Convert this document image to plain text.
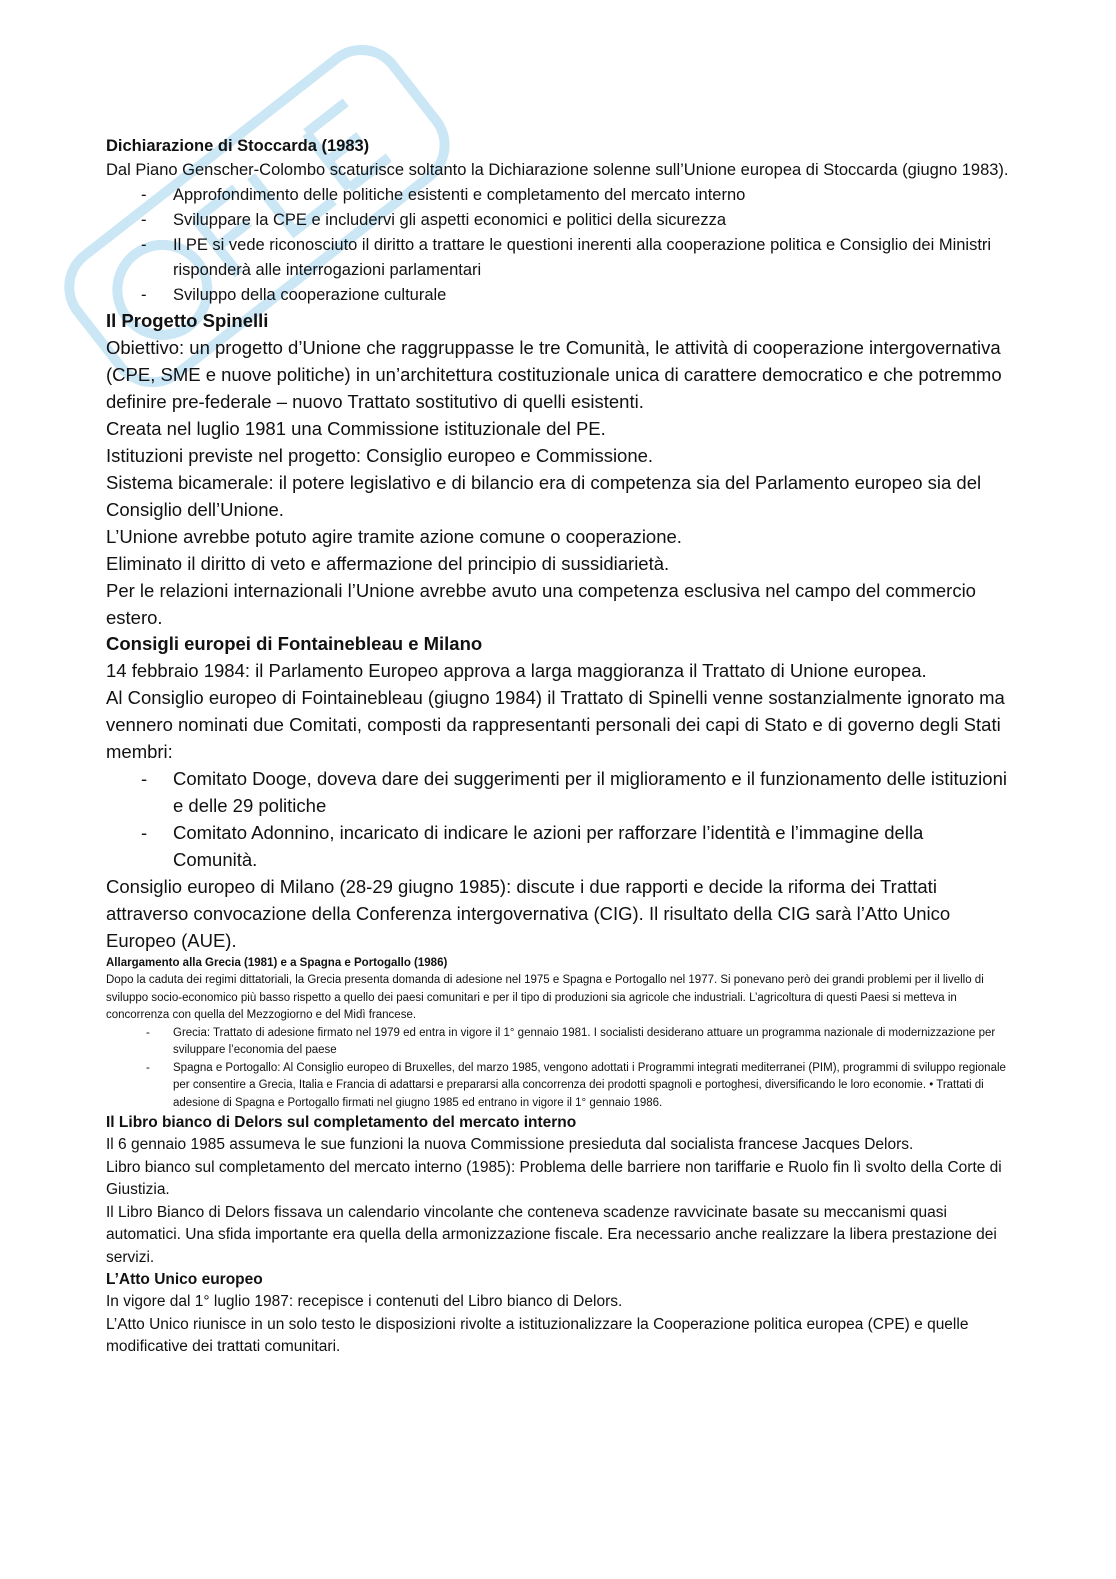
Dichiarazione di Stoccarda (1983)

Dal Piano Genscher-Colombo scaturisce soltanto la Dichiarazione solenne sull’Unione europea di Stoccarda (giugno 1983).

- Approfondimento delle politiche esistenti e completamento del mercato interno
- Sviluppare la CPE e includervi gli aspetti economici e politici della sicurezza
- Il PE si vede riconosciuto il diritto a trattare le questioni inerenti alla cooperazione politica e Consiglio dei Ministri risponderà alle interrogazioni parlamentari
- Sviluppo della cooperazione culturale

Il Progetto Spinelli

Obiettivo: un progetto d’Unione che raggruppasse le tre Comunità, le attività di cooperazione intergovernativa (CPE, SME e nuove politiche) in un’architettura costituzionale unica di carattere democratico e che potremmo definire pre-federale – nuovo Trattato sostitutivo di quelli esistenti.

Creata nel luglio 1981 una Commissione istituzionale del PE.

Istituzioni previste nel progetto: Consiglio europeo e Commissione.

Sistema bicamerale: il potere legislativo e di bilancio era di competenza sia del Parlamento europeo sia del Consiglio dell’Unione.

L’Unione avrebbe potuto agire tramite azione comune o cooperazione.

Eliminato il diritto di veto e affermazione del principio di sussidiarietà.

Per le relazioni internazionali l’Unione avrebbe avuto una competenza esclusiva nel campo del commercio estero.

Consigli europei di Fontainebleau e Milano

14 febbraio 1984: il Parlamento Europeo approva a larga maggioranza il Trattato di Unione europea.

Al Consiglio europeo di Fointainebleau (giugno 1984) il Trattato di Spinelli venne sostanzialmente ignorato ma vennero nominati due Comitati, composti da rappresentanti personali dei capi di Stato e di governo degli Stati membri:

- Comitato Dooge, doveva dare dei suggerimenti per il miglioramento e il funzionamento delle istituzioni e delle 29 politiche
- Comitato Adonnino, incaricato di indicare le azioni per rafforzare l’identità e l’immagine della Comunità.

Consiglio europeo di Milano (28-29 giugno 1985): discute i due rapporti e decide la riforma dei Trattati attraverso convocazione della Conferenza intergovernativa (CIG). Il risultato della CIG sarà l’Atto Unico Europeo (AUE).

Allargamento alla Grecia (1981) e a Spagna e Portogallo (1986)

Dopo la caduta dei regimi dittatoriali, la Grecia presenta domanda di adesione nel 1975 e Spagna e Portogallo nel 1977. Si ponevano però dei grandi problemi per il livello di sviluppo socio-economico più basso rispetto a quello dei paesi comunitari e per il tipo di produzioni sia agricole che industriali. L’agricoltura di questi Paesi si metteva in concorrenza con quella del Mezzogiorno e del Midì francese.

- Grecia: Trattato di adesione firmato nel 1979 ed entra in vigore il 1° gennaio 1981. I socialisti desiderano attuare un programma nazionale di modernizzazione per sviluppare l’economia del paese
- Spagna e Portogallo: Al Consiglio europeo di Bruxelles, del marzo 1985, vengono adottati i Programmi integrati mediterranei (PIM), programmi di sviluppo regionale per consentire a Grecia, Italia e Francia di adattarsi e prepararsi alla concorrenza dei prodotti spagnoli e portoghesi, diversificando le loro economie. • Trattati di adesione di Spagna e Portogallo firmati nel giugno 1985 ed entrano in vigore il 1° gennaio 1986.

Il Libro bianco di Delors sul completamento del mercato interno

Il 6 gennaio 1985 assumeva le sue funzioni la nuova Commissione presieduta dal socialista francese Jacques Delors.

Libro bianco sul completamento del mercato interno (1985): Problema delle barriere non tariffarie e Ruolo fin lì svolto della Corte di Giustizia.

Il Libro Bianco di Delors fissava un calendario vincolante che conteneva scadenze ravvicinate basate su meccanismi quasi automatici. Una sfida importante era quella della armonizzazione fiscale. Era necessario anche realizzare la libera prestazione dei servizi.

L’Atto Unico europeo

In vigore dal 1° luglio 1987: recepisce i contenuti del Libro bianco di Delors.

L’Atto Unico riunisce in un solo testo le disposizioni rivolte a istituzionalizzare la Cooperazione politica europea (CPE) e quelle modificative dei trattati comunitari.
